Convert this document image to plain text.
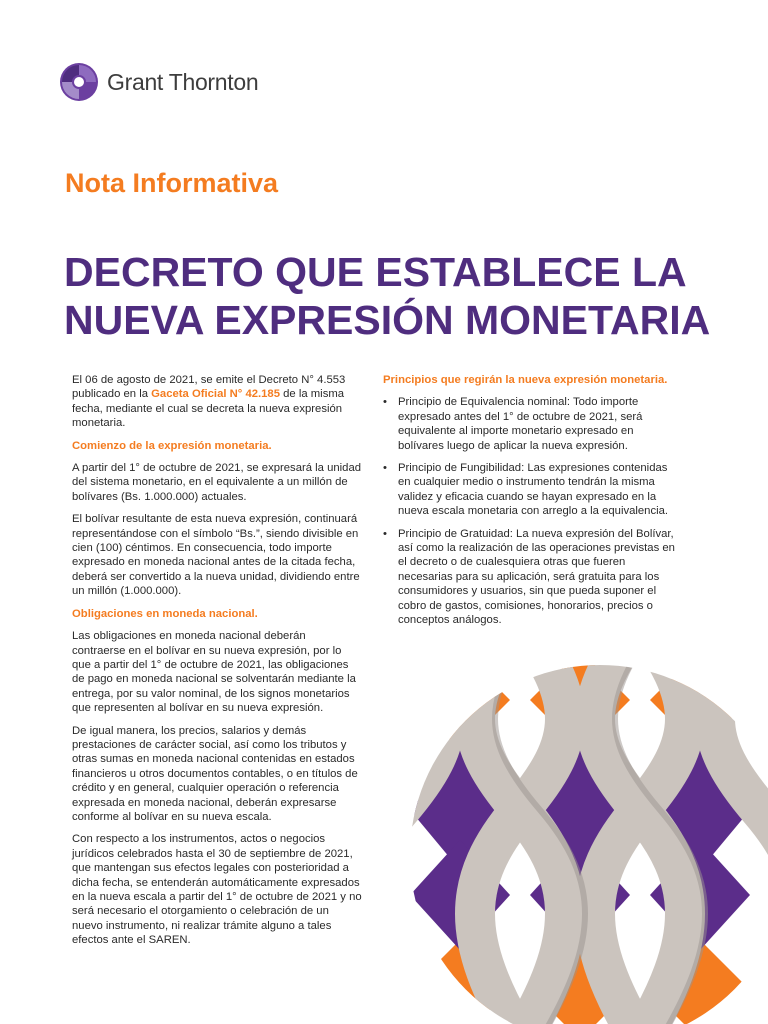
Grant Thornton
Nota Informativa
DECRETO QUE ESTABLECE LA
NUEVA EXPRESIÓN MONETARIA

El 06 de agosto de 2021, se emite el Decreto N° 4.553 publicado en la Gaceta Oficial N° 42.185 de la misma fecha, mediante el cual se decreta la nueva expresión monetaria.

Comienzo de la expresión monetaria.

A partir del 1° de octubre de 2021, se expresará la unidad del sistema monetario, en el equivalente a un millón de bolívares (Bs. 1.000.000) actuales.

El bolívar resultante de esta nueva expresión, continuará representándose con el símbolo “Bs.”, siendo divisible en cien (100) céntimos. En consecuencia, todo importe expresado en moneda nacional antes de la citada fecha, deberá ser convertido a la nueva unidad, dividiendo entre un millón (1.000.000).

Obligaciones en moneda nacional.

Las obligaciones en moneda nacional deberán contraerse en el bolívar en su nueva expresión, por lo que a partir del 1° de octubre de 2021, las obligaciones de pago en moneda nacional se solventarán mediante la entrega, por su valor nominal, de los signos monetarios que representen al bolívar en su nueva expresión.

De igual manera, los precios, salarios y demás prestaciones de carácter social, así como los tributos y otras sumas en moneda nacional contenidas en estados financieros u otros documentos contables, o en títulos de crédito y en general, cualquier operación o referencia expresada en moneda nacional, deberán expresarse conforme al bolívar en su nueva escala.

Con respecto a los instrumentos, actos o negocios jurídicos celebrados hasta el 30 de septiembre de 2021, que mantengan sus efectos legales con posterioridad a dicha fecha, se entenderán automáticamente expresados en la nueva escala a partir del 1° de octubre de 2021 y no será necesario el otorgamiento o celebración de un nuevo instrumento, ni realizar trámite alguno a tales efectos ante el SAREN.

Principios que regirán la nueva expresión monetaria.
• Principio de Equivalencia nominal: Todo importe expresado antes del 1° de octubre de 2021, será equivalente al importe monetario expresado en bolívares luego de aplicar la nueva expresión.
• Principio de Fungibilidad: Las expresiones contenidas en cualquier medio o instrumento tendrán la misma validez y eficacia cuando se hayan expresado en la nueva escala monetaria con arreglo a la equivalencia.
• Principio de Gratuidad: La nueva expresión del Bolívar, así como la realización de las operaciones previstas en el decreto o de cualesquiera otras que fueren necesarias para su aplicación, será gratuita para los consumidores y usuarios, sin que pueda suponer el cobro de gastos, comisiones, honorarios, precios o conceptos análogos.
